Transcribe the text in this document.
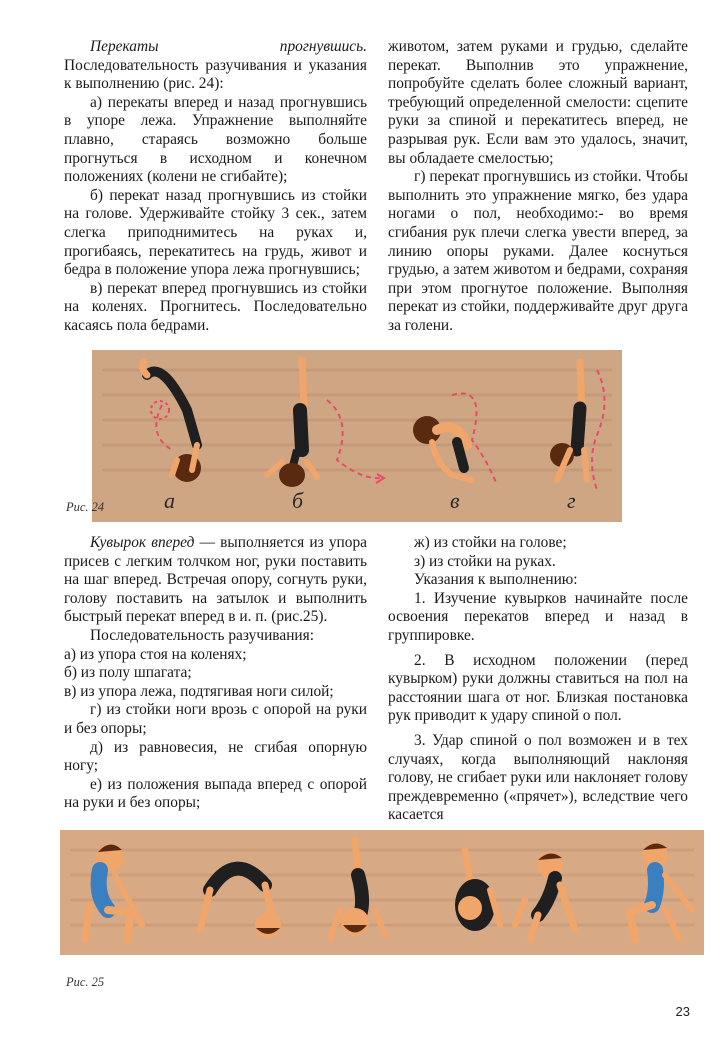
Перекаты прогнувшись. Последовательность разучивания и указания к выполнению (рис. 24):

а) перекаты вперед и назад прогнувшись в упоре лежа. Упражнение выполняйте плавно, стараясь возможно больше прогнуться в исходном и конечном положениях (колени не сгибайте);

б) перекат назад прогнувшись из стойки на голове. Удерживайте стойку 3 сек., затем слегка приподнимитесь на руках и, прогибаясь, перекатитесь на грудь, живот и бедра в положение упора лежа прогнувшись;

в) перекат вперед прогнувшись из стойки на коленях. Прогнитесь. Последовательно касаясь пола бедрами.

животом, затем руками и грудью, сделайте перекат. Выполнив это упражнение, попробуйте сделать более сложный вариант, требующий определенной смелости: сцепите руки за спиной и перекатитесь вперед, не разрывая рук. Если вам это удалось, значит, вы обладаете смелостью;

г) перекат прогнувшись из стойки. Чтобы выполнить это упражнение мягко, без удара ногами о пол, необходимо:- во время сгибания рук плечи слегка увести вперед, за линию опоры руками. Далее коснуться грудью, а затем животом и бедрами, сохраняя при этом прогнутое положение. Выполняя перекат из стойки, поддерживайте друг друга за голени.

а	б	в	г
Рис. 24

Кувырок вперед — выполняется из упора присев с легким толчком ног, руки поставить на шаг вперед. Встречая опору, согнуть руки, голову поставить на затылок и выполнить быстрый перекат вперед в и. п. (рис.25).

Последовательность разучивания:

а) из упора стоя на коленях;

б) из полу шпагата;

в) из упора лежа, подтягивая ноги силой;

г) из стойки ноги врозь с опорой на руки и без опоры;

д) из равновесия, не сгибая опорную ногу;

е) из положения выпада вперед с опорой на руки и без опоры;

ж) из стойки на голове;

з) из стойки на руках.

Указания к выполнению:

1. Изучение кувырков начинайте после освоения перекатов вперед и назад в группировке.

2. В исходном положении (перед кувырком) руки должны ставиться на пол на расстоянии шага от ног. Близкая постановка рук приводит к удару спиной о пол.

3. Удар спиной о пол возможен и в тех случаях, когда выполняющий наклоняя голову, не сгибает руки или наклоняет голову преждевременно («прячет»), вследствие чего касается

Рис. 25
23
